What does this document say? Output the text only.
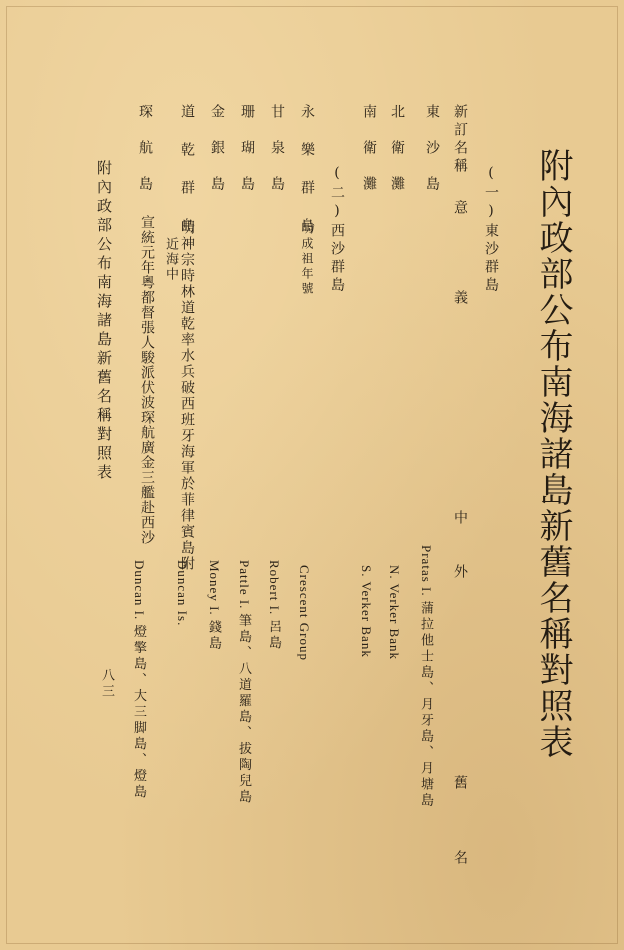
附內政部公布南海諸島新舊名稱對照表
(一)東沙群島
新訂名稱
中　　外
舊
名
東　沙　島
意　　　　義
Pratas I. 蒲拉他士島、月牙島、月塘島
北　衛　灘
N. Verker Bank
南　衛　灘
S. Verker Bank
(二)西沙群島
永 樂 群 島
明成祖年號
Crescent Group
甘　泉　島
Robert I. 呂島
珊　瑚　島
Pattle I. 筆島、八道羅島、拔陶兒島
金　銀　島
Money I. 錢島
道 乾 群 島
明神宗時林道乾率水兵破西班牙海軍於菲律賓島附
近海中
Duncan Is.
琛　航　島
宣統元年粵都督張人駿派伏波琛航廣金三艦赴西沙
Duncan I. 燈擎島、大三脚島、燈島
附內政部公布南海諸島新舊名稱對照表
八三
